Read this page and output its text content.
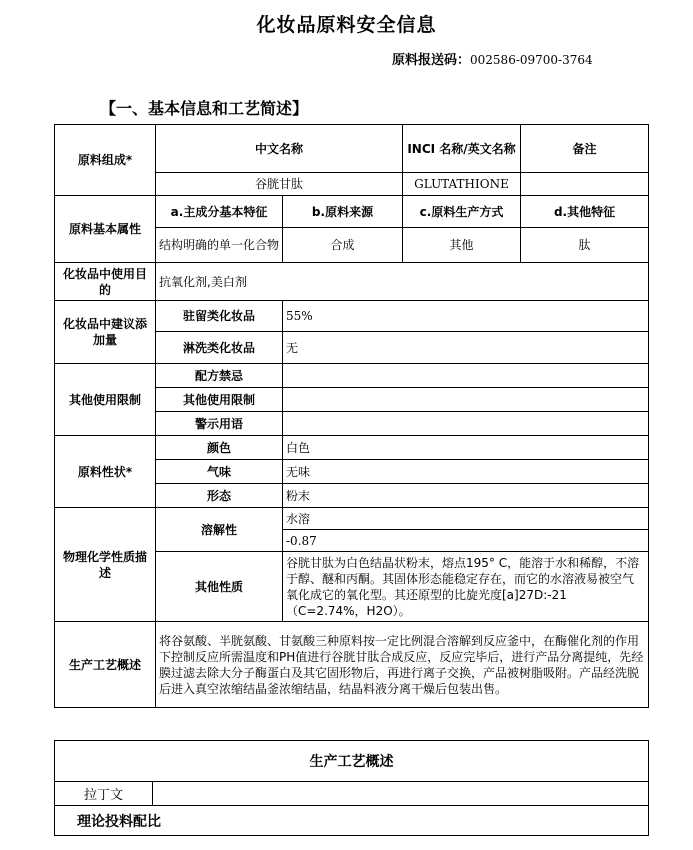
化妆品原料安全信息
原料报送码：002586-09700-3764
【一、基本信息和工艺简述】
原料组成*	中文名称		INCI 名称/英文名称	备注
	谷胱甘肽		GLUTATHIONE	
原料基本属性	a.主成分基本特征	b.原料来源	c.原料生产方式	d.其他特征
	结构明确的单一化合物	合成	其他	肽
化妆品中使用目的	抗氧化剂,美白剂			
化妆品中建议添加量	驻留类化妆品	55%		
	淋洗类化妆品	无		
其他使用限制	配方禁忌			
	其他使用限制			
	警示用语			
原料性状*	颜色	白色		
	气味	无味		
	形态	粉末		
物理化学性质描述	溶解性	水溶		
		-0.87		
	其他性质	谷胱甘肽为白色结晶状粉末，熔点195° C，能溶于水和稀醇，不溶于醇、醚和丙酮。其固体形态能稳定存在，而它的水溶液易被空气氧化成它的氧化型。其还原型的比旋光度[a]27D:-21（C=2.74%，H2O）。		
生产工艺概述	将谷氨酸、半胱氨酸、甘氨酸三种原料按一定比例混合溶解到反应釜中，在酶催化剂的作用下控制反应所需温度和PH值进行谷胱甘肽合成反应，反应完毕后，进行产品分离提纯，先经膜过滤去除大分子酶蛋白及其它固形物后，再进行离子交换，产品被树脂吸附。产品经洗脱后进入真空浓缩结晶釜浓缩结晶，结晶料液分离干燥后包装出售。			
生产工艺概述
拉丁文	
理论投料配比
